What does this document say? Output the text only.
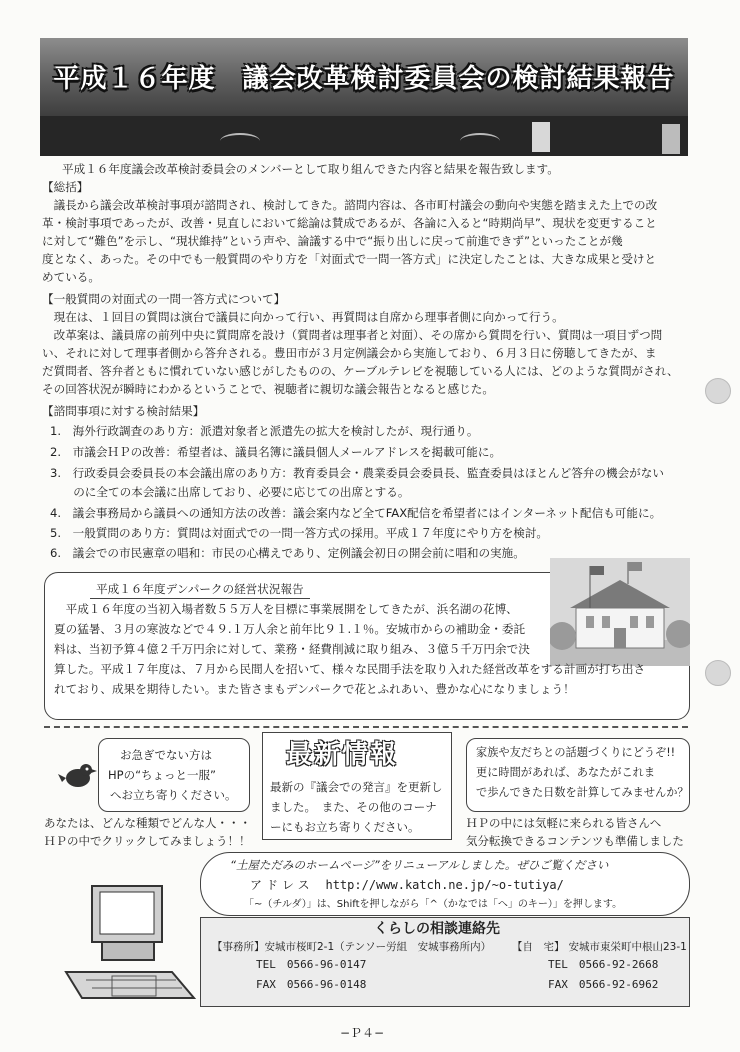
平成１６年度　議会改革検討委員会の検討結果報告
平成１６年度議会改革検討委員会のメンバーとして取り組んできた内容と結果を報告致します。
【総括】
　議長から議会改革検討事項が諮問され、検討してきた。諮問内容は、各市町村議会の動向や実態を踏まえた上での改
革・検討事項であったが、改善・見直しにおいて総論は賛成であるが、各論に入ると“時期尚早”、現状を変更すること
に対して“難色”を示し、“現状維持”という声や、論議する中で“振り出しに戻って前進できず”といったことが幾
度となく、あった。その中でも一般質問のやり方を「対面式で一問一答方式」に決定したことは、大きな成果と受けと
めている。
【一般質問の対面式の一問一答方式について】
　現在は、１回目の質問は演台で議員に向かって行い、再質問は自席から理事者側に向かって行う。
　改革案は、議員席の前列中央に質問席を設け（質問者は理事者と対面）、その席から質問を行い、質問は一項目ずつ問
い、それに対して理事者側から答弁される。豊田市が３月定例議会から実施しており、６月３日に傍聴してきたが、ま
だ質問者、答弁者ともに慣れていない感じがしたものの、ケーブルテレビを視聴している人には、どのような質問がされ、
その回答状況が瞬時にわかるということで、視聴者に親切な議会報告となると感じた。
【諮問事項に対する検討結果】
1.　海外行政調査のあり方：派遣対象者と派遣先の拡大を検討したが、現行通り。
2.　市議会ＨＰの改善：希望者は、議員名簿に議員個人メールアドレスを掲載可能に。
3.　行政委員会委員長の本会議出席のあり方：教育委員会・農業委員会委員長、監査委員はほとんど答弁の機会がない
　　のに全ての本会議に出席しており、必要に応じての出席とする。
4.　議会事務局から議員への通知方法の改善：議会案内など全てFAX配信を希望者にはインターネット配信も可能に。
5.　一般質問のあり方：質問は対面式での一問一答方式の採用。平成１７年度にやり方を検討。
6.　議会での市民憲章の唱和：市民の心構えであり、定例議会初日の開会前に唱和の実施。
平成１６年度デンパークの経営状況報告
　平成１６年度の当初入場者数５５万人を目標に事業展開をしてきたが、浜名湖の花博、
夏の猛暑、３月の寒波などで４９.１万人余と前年比９１.１％。安城市からの補助金・委託
料は、当初予算４億２千万円余に対して、業務・経費削減に取り組み、３億５千万円余で決
算した。平成１７年度は、７月から民間人を招いて、様々な民間手法を取り入れた経営改革をする計画が打ち出さ
れており、成果を期待したい。また皆さまもデンパークで花とふれあい、豊かな心になりましょう！
お急ぎでない方は
HPの“ちょっと一服”
へお立ち寄りください。
あなたは、どんな種類でどんな人・・・
ＨＰの中でクリックしてみましょう！！
最新情報
最新の『議会での発言』を更新し
ました。　また、その他のコーナ
ーにもお立ち寄りください。
家族や友だちとの話題づくりにどうぞ!!
更に時間があれば、あなたがこれま
で歩んできた日数を計算してみませんか？
ＨＰの中には気軽に来られる皆さんへ
気分転換できるコンテンツも準備しました
“土屋ただみのホームページ”をリニューアルしました。ぜひご覧ください
アドレス http://www.katch.ne.jp/~o-tutiya/
「~（チルダ）」は、Shiftを押しながら「^（かなでは「へ」のキー）」を押します。
くらしの相談連絡先
【事務所】安城市桜町2-1（テンソー労組　安城事務所内） 【自　宅】 安城市東栄町中根山23-1
TEL　0566-96-0147
FAX　0566-96-0148
TEL　0566-92-2668
FAX　0566-92-6962
−Ｐ４−
